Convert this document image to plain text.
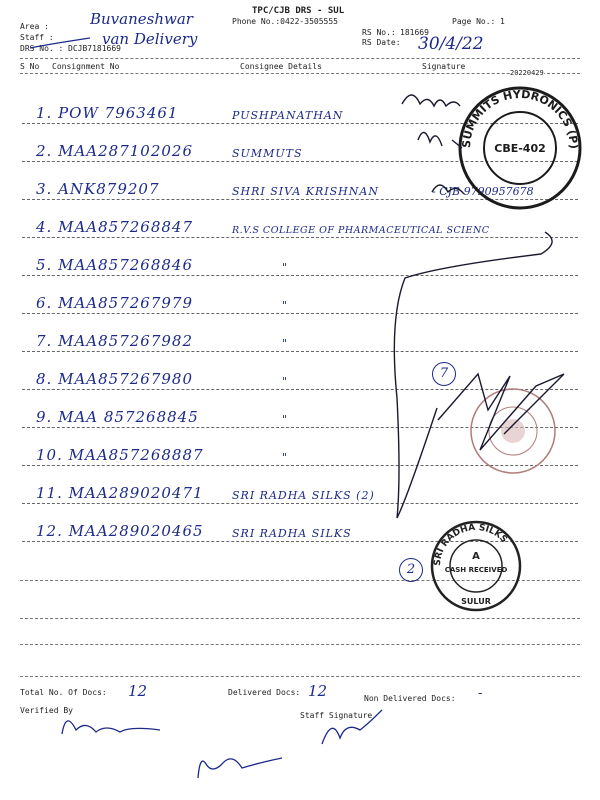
Area :
Staff :
DRS No. : DCJB7181669
Buvaneshwar
van Delivery
TPC/CJB DRS - SUL
Phone No.:0422-3505555
RS No.: 181669
RS Date: 30/4/22
Page No.: 1
S No Consignment No	Consignee Details	Signature
20220429
1. POW 7963461	PUSHPANATHAN
2. MAA287102026	SUMMUTS
3. ANK879207	SHRI SIVA KRISHNAN	- CJB 9790957678
4. MAA857268847	R.V.S COLLEGE OF PHARMACEUTICAL SCIENC
5. MAA857268846	"
6. MAA857267979	"
7. MAA857267982	"
8. MAA857267980	"
9. MAA 857268845	"
10. MAA857268887	"
11. MAA289020471	SRI RADHA SILKS (2)
12. MAA289020465	SRI RADHA SILKS
7
2
SUMMITS HYDRONICS (P) LIMITED
CBE-402
SRI RADHA SILKS
A
CASH RECEIVED
SULUR
Total No. Of Docs: 12	Delivered Docs: 12	Non Delivered Docs: -
Verified By
Staff Signature
